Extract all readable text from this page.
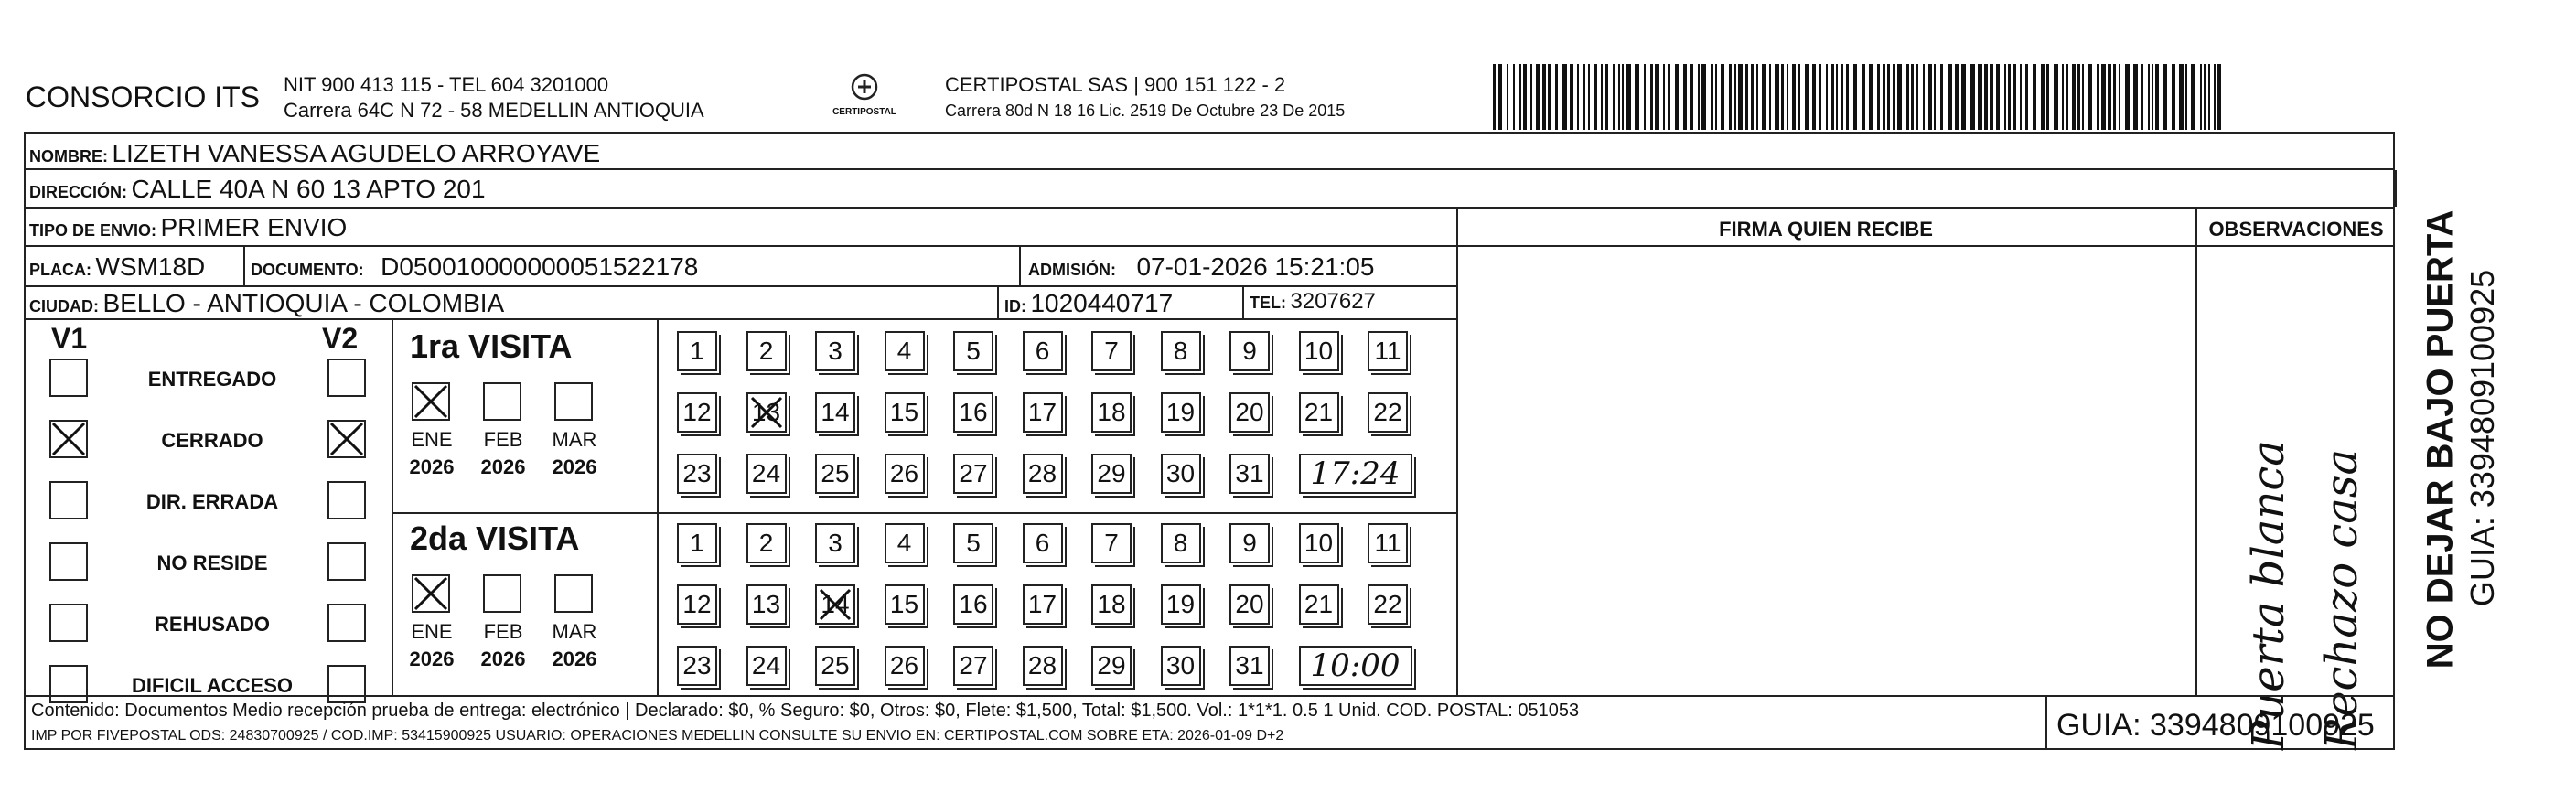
CONSORCIO ITS NIT 900 413 115 - TEL 604 3201000
Carrera 64C N 72 - 58 MEDELLIN ANTIOQUIA	CERTIPOSTAL
CERTIPOSTAL SAS | 900 151 122 - 2
Carrera 80d N 18 16 Lic. 2519 De Octubre 23 De 2015
NOMBRE: LIZETH VANESSA AGUDELO ARROYAVE
DIRECCIÓN: CALLE 40A N 60 13 APTO 201
TIPO DE ENVIO: PRIMER ENVIO
PLACA: WSM18D	DOCUMENTO: D050010000000051522178	ADMISIÓN: 07-01-2026 15:21:05
CIUDAD: BELLO - ANTIOQUIA - COLOMBIA	ID: 1020440717	TEL: 3207627
FIRMA QUIEN RECIBE	OBSERVACIONES
Puerta blanca Rechazo casa
V1	V2
ENTREGADO
CERRADO
DIR. ERRADA
NO RESIDE
REHUSADO
DIFICIL ACCESO
1ra VISITA
ENE
2026
FEB
2026
MAR
2026
1	2	3	4	5	6	7	8	9	10 11
12 13 14 15 16 17 18 19 20 21 22
23 24 25 26 27 28 29 30 31	17:24
2da VISITA
ENE
2026
FEB
2026
MAR
2026
1	2	3	4	5	6	7	8	9	10 11
12 13 14 15 16 17 18 19 20 21 22
23 24 25 26 27 28 29 30 31	10:00
Contenido: Documentos Medio recepción prueba de entrega: electrónico | Declarado: $0, % Seguro: $0, Otros: $0, Flete: $1,500, Total: $1,500. Vol.: 1*1*1. 0.5 1 Unid. COD. POSTAL: 051053
IMP POR FIVEPOSTAL ODS: 24830700925 / COD.IMP: 53415900925 USUARIO: OPERACIONES MEDELLIN CONSULTE SU ENVIO EN: CERTIPOSTAL.COM SOBRE ETA: 2026-01-09 D+2	GUIA: 3394809100925
NO DEJAR BAJO PUERTA GUIA: 3394809100925
